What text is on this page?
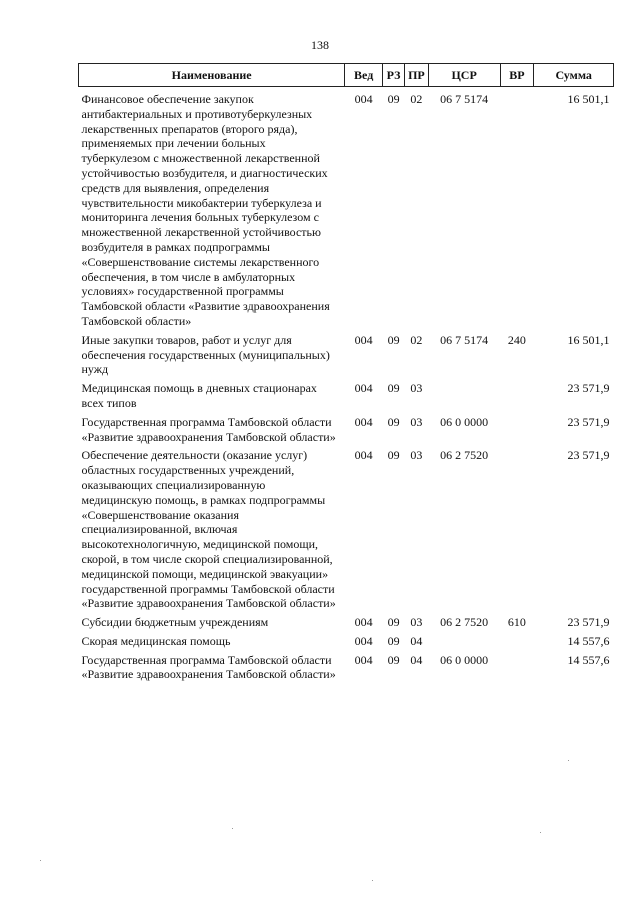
138
Наименование	Вед	РЗ	ПР	ЦСР	ВР	Сумма
Финансовое обеспечение закупок антибактериальных и противотуберкулезных лекарственных препаратов (второго ряда), применяемых при лечении больных туберкулезом с множественной лекарственной устойчивостью возбудителя, и диагностических средств для выявления, определения чувствительности микобактерии туберкулеза и мониторинга лечения больных туберкулезом с множественной лекарственной устойчивостью возбудителя в рамках подпрограммы «Совершенствование системы лекарственного обеспечения, в том числе в амбулаторных условиях» государственной программы Тамбовской области «Развитие здравоохранения Тамбовской области»	004	09	02	06 7 5174		16 501,1
Иные закупки товаров, работ и услуг для обеспечения государственных (муниципальных) нужд	004	09	02	06 7 5174	240	16 501,1
Медицинская помощь в дневных стационарах всех типов	004	09	03			23 571,9
Государственная программа Тамбовской области «Развитие здравоохранения Тамбовской области»	004	09	03	06 0 0000		23 571,9
Обеспечение деятельности (оказание услуг) областных государственных учреждений, оказывающих специализированную медицинскую помощь, в рамках подпрограммы «Совершенствование оказания специализированной, включая высокотехнологичную, медицинской помощи, скорой, в том числе скорой специализированной, медицинской помощи, медицинской эвакуации» государственной программы Тамбовской области «Развитие здравоохранения Тамбовской области»	004	09	03	06 2 7520		23 571,9
Субсидии бюджетным учреждениям	004	09	03	06 2 7520	610	23 571,9
Скорая медицинская помощь	004	09	04			14 557,6
Государственная программа Тамбовской области «Развитие здравоохранения Тамбовской области»	004	09	04	06 0 0000		14 557,6
